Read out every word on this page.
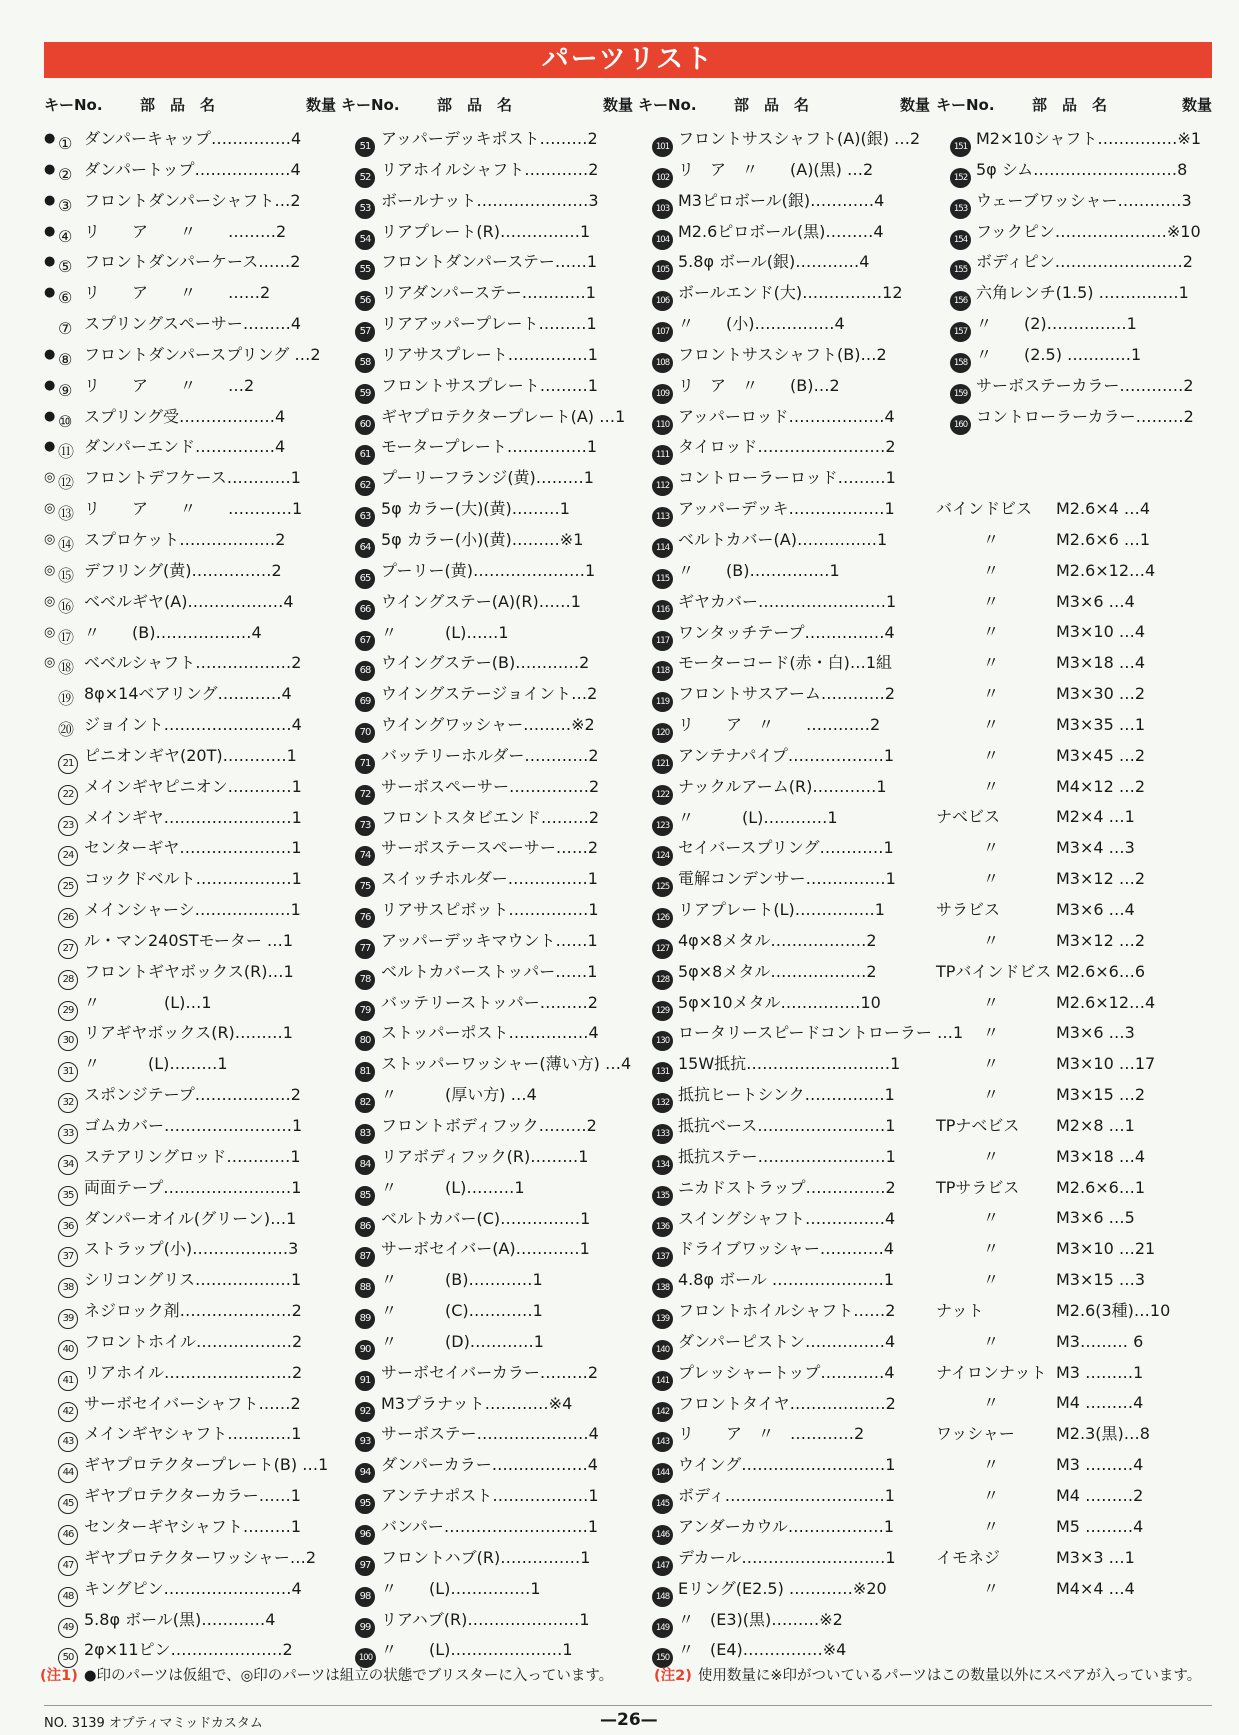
パーツリスト
キーNo. 部　品　名	数量 キーNo. 部　品　名	数量 キーNo. 部　品　名	数量 キーNo. 部　品　名	数量
● ① ダンパーキャップ……………4
● ② ダンパートップ………………4
● ③ フロントダンパーシャフト…2
● ④ リ　　ア　　〃　　………2
● ⑤ フロントダンパーケース……2
● ⑥ リ　　ア　　〃　　……2
⑦ スプリングスペーサー………4
● ⑧ フロントダンパースプリング …2
● ⑨ リ　　ア　　〃　　…2
● ⑩ スプリング受………………4
● ⑪ ダンパーエンド……………4
◎ ⑫ フロントデフケース…………1
◎ ⑬ リ　　ア　　〃　　…………1
◎ ⑭ スプロケット………………2
◎ ⑮ デフリング(黄)……………2
◎ ⑯ ベベルギヤ(A)………………4
◎ ⑰ 〃　　(B)………………4
◎ ⑱ ベベルシャフト………………2
⑲ 8φ×14ベアリング…………4
⑳ ジョイント……………………4
21 ピニオンギヤ(20T)…………1
22 メインギヤピニオン…………1
23 メインギヤ……………………1
24 センターギヤ…………………1
25 コックドベルト………………1
26 メインシャーシ………………1
27 ル・マン240STモーター …1
28 フロントギヤボックス(R)…1
29 〃　　　　(L)…1
30 リアギヤボックス(R)………1
31 〃　　　(L)………1
32 スポンジテープ………………2
33 ゴムカバー……………………1
34 ステアリングロッド…………1
35 両面テープ……………………1
36 ダンパーオイル(グリーン)…1
37 ストラップ(小)………………3
38 シリコングリス………………1
39 ネジロック剤…………………2
40 フロントホイル………………2
41 リアホイル……………………2
42 サーボセイバーシャフト……2
43 メインギヤシャフト…………1
44 ギヤプロテクタープレート(B) …1
45 ギヤプロテクターカラー……1
46 センターギヤシャフト………1
47 ギヤプロテクターワッシャー…2
48 キングピン……………………4
49 5.8φ ボール(黒)…………4
50 2φ×11ピン…………………2
51 アッパーデッキポスト………2
52 リアホイルシャフト…………2
53 ボールナット…………………3
54 リアプレート(R)……………1
55 フロントダンパーステー……1
56 リアダンパーステー…………1
57 リアアッパープレート………1
58 リアサスプレート……………1
59 フロントサスプレート………1
60 ギヤプロテクタープレート(A) …1
61 モータープレート……………1
62 プーリーフランジ(黄)………1
63 5φ カラー(大)(黄)………1
64 5φ カラー(小)(黄)………※1
65 プーリー(黄)…………………1
66 ウイングステー(A)(R)……1
67 〃　　　(L)……1
68 ウイングステー(B)…………2
69 ウイングステージョイント…2
70 ウイングワッシャー………※2
71 バッテリーホルダー…………2
72 サーボスペーサー……………2
73 フロントスタビエンド………2
74 サーボステースペーサー……2
75 スイッチホルダー……………1
76 リアサスピボット……………1
77 アッパーデッキマウント……1
78 ベルトカバーストッパー……1
79 バッテリーストッパー………2
80 ストッパーポスト……………4
81 ストッパーワッシャー(薄い方) …4
82 〃　　　(厚い方) …4
83 フロントボディフック………2
84 リアボディフック(R)………1
85 〃　　　(L)………1
86 ベルトカバー(C)……………1
87 サーボセイバー(A)…………1
88 〃　　　(B)…………1
89 〃　　　(C)…………1
90 〃　　　(D)…………1
91 サーボセイバーカラー………2
92 M3プラナット…………※4
93 サーボステー…………………4
94 ダンパーカラー………………4
95 アンテナポスト………………1
96 バンパー………………………1
97 フロントハブ(R)……………1
98 〃　　(L)……………1
99 リアハブ(R)…………………1
100 〃　　(L)…………………1
101 フロントサスシャフト(A)(銀) …2
102 リ　ア　〃　　(A)(黒) …2
103 M3ピロボール(銀)…………4
104 M2.6ピロボール(黒)………4
105 5.8φ ボール(銀)…………4
106 ボールエンド(大)……………12
107 〃　　(小)……………4
108 フロントサスシャフト(B)…2
109 リ　ア　〃　　(B)…2
110 アッパーロッド………………4
111 タイロッド……………………2
112 コントローラーロッド………1
113 アッパーデッキ………………1
114 ベルトカバー(A)……………1
115 〃　　(B)……………1
116 ギヤカバー……………………1
117 ワンタッチテープ……………4
118 モーターコード(赤・白)…1組
119 フロントサスアーム…………2
120 リ　　ア　〃　　…………2
121 アンテナパイプ………………1
122 ナックルアーム(R)…………1
123 〃　　　(L)…………1
124 セイバースプリング…………1
125 電解コンデンサー……………1
126 リアプレート(L)……………1
127 4φ×8メタル………………2
128 5φ×8メタル………………2
129 5φ×10メタル……………10
130 ロータリースピードコントローラー …1
131 15W抵抗………………………1
132 抵抗ヒートシンク……………1
133 抵抗ベース……………………1
134 抵抗ステー……………………1
135 ニカドストラップ……………2
136 スイングシャフト……………4
137 ドライブワッシャー…………4
138 4.8φ ボール …………………1
139 フロントホイルシャフト……2
140 ダンパーピストン……………4
141 プレッシャートップ…………4
142 フロントタイヤ………………2
143 リ　　ア　〃　…………2
144 ウイング………………………1
145 ボディ…………………………1
146 アンダーカウル………………1
147 デカール………………………1
148 Eリング(E2.5) …………※20
149 〃　(E3)(黒)………※2
150 〃　(E4)……………※4
151 M2×10シャフト……………※1
152 5φ シム………………………8
153 ウェーブワッシャー…………3
154 フックピン…………………※10
155 ボディピン……………………2
156 六角レンチ(1.5) ……………1
157 〃　　(2)……………1
158 〃　　(2.5) …………1
159 サーボステーカラー…………2
160 コントローラーカラー………2
バインドビス	M2.6×4 …4
〃	M2.6×6 …1
〃	M2.6×12…4
〃	M3×6 …4
〃	M3×10 …4
〃	M3×18 …4
〃	M3×30 …2
〃	M3×35 …1
〃	M3×45 …2
〃	M4×12 …2
ナベビス	M2×4 …1
〃	M3×4 …3
〃	M3×12 …2
サラビス	M3×6 …4
〃	M3×12 …2
TPバインドビス M2.6×6…6
〃	M2.6×12…4
〃	M3×6 …3
〃	M3×10 …17
〃	M3×15 …2
TPナベビス	M2×8 …1
〃	M3×18 …4
TPサラビス	M2.6×6…1
〃	M3×6 …5
〃	M3×10 …21
〃	M3×15 …3
ナット	M2.6(3種)…10
〃	M3……… 6
ナイロンナット M3 ………1
〃	M4 ………4
ワッシャー	M2.3(黒)…8
〃	M3 ………4
〃	M4 ………2
〃	M5 ………4
イモネジ	M3×3 …1
〃	M4×4 …4
(注1) ●印のパーツは仮組で、◎印のパーツは組立の状態でブリスターに入っています。	(注2) 使用数量に※印がついているパーツはこの数量以外にスペアが入っています。
NO. 3139 オプティマミッドカスタム	—26—
